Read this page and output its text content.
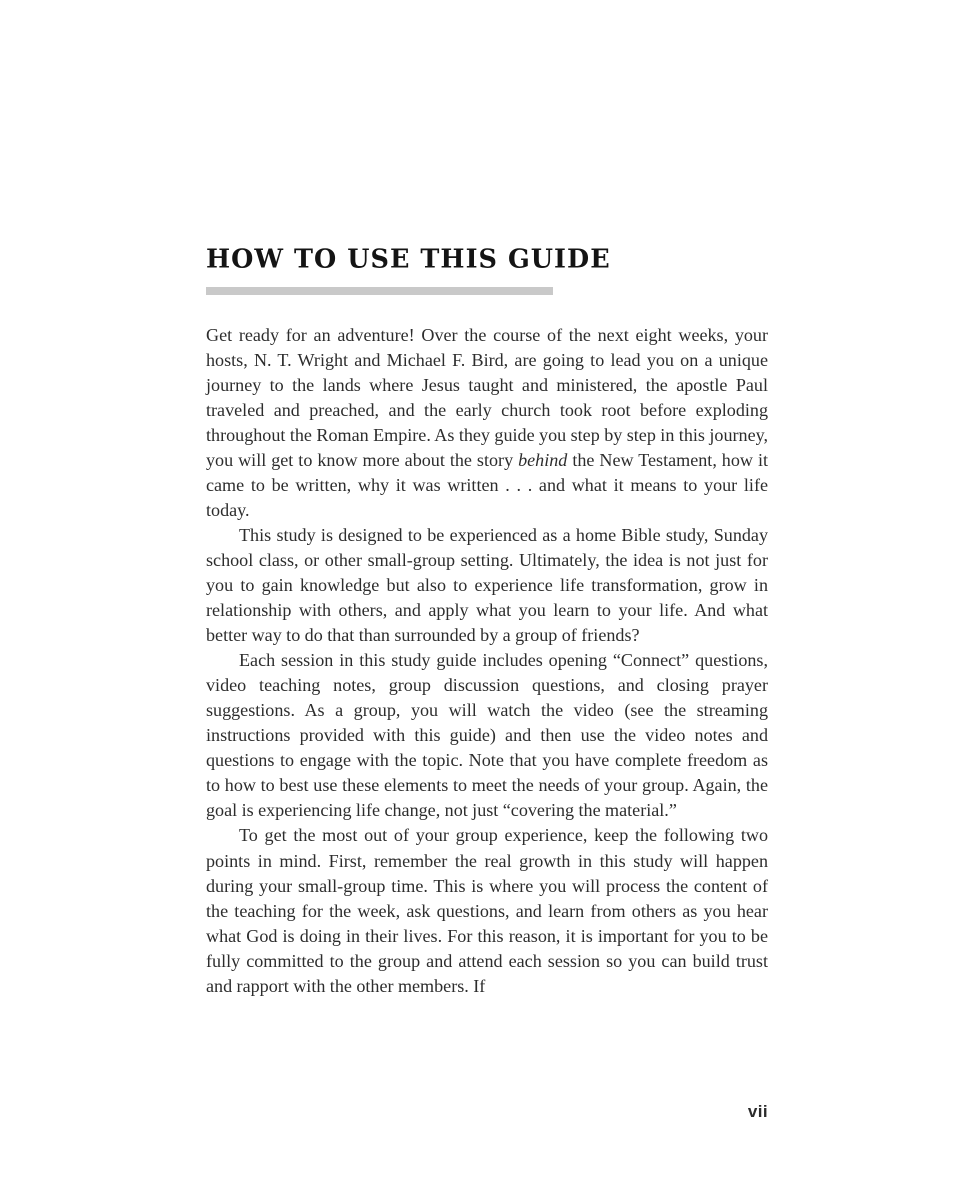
HOW TO USE THIS GUIDE

Get ready for an adventure! Over the course of the next eight weeks, your hosts, N. T. Wright and Michael F. Bird, are going to lead you on a unique journey to the lands where Jesus taught and ministered, the apostle Paul traveled and preached, and the early church took root before exploding throughout the Roman Empire. As they guide you step by step in this journey, you will get to know more about the story behind the New Testament, how it came to be written, why it was written . . . and what it means to your life today.

This study is designed to be experienced as a home Bible study, Sunday school class, or other small-group setting. Ultimately, the idea is not just for you to gain knowledge but also to experience life transformation, grow in relationship with others, and apply what you learn to your life. And what better way to do that than surrounded by a group of friends?

Each session in this study guide includes opening “Connect” questions, video teaching notes, group discussion questions, and closing prayer suggestions. As a group, you will watch the video (see the streaming instructions provided with this guide) and then use the video notes and questions to engage with the topic. Note that you have complete freedom as to how to best use these elements to meet the needs of your group. Again, the goal is experiencing life change, not just “covering the material.”

To get the most out of your group experience, keep the following two points in mind. First, remember the real growth in this study will happen during your small-group time. This is where you will process the content of the teaching for the week, ask questions, and learn from others as you hear what God is doing in their lives. For this reason, it is important for you to be fully committed to the group and attend each session so you can build trust and rapport with the other members. If

vii
